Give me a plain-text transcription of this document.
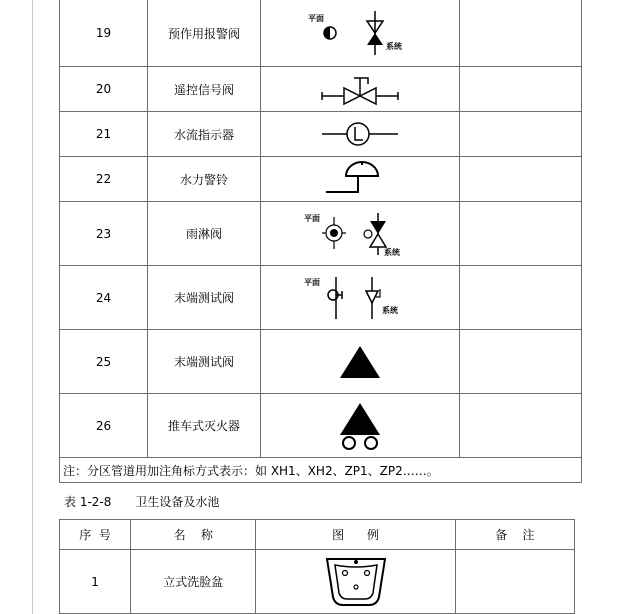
19	预作用报警阀	平面
系统	

20	遥控信号阀	

21	水流指示器	

22	水力警铃	

23	雨淋阀	平面
系统	

24	末端测试阀	平面
系统	

25	末端测试阀	

26	推车式灭火器	

注：分区管道用加注角标方式表示：如 XH1、XH2、ZP1、ZP2……。			
表 1-2-8 卫生设备及水池
序  号	名    称	图      例	备    注
1	立式洗脸盆	
